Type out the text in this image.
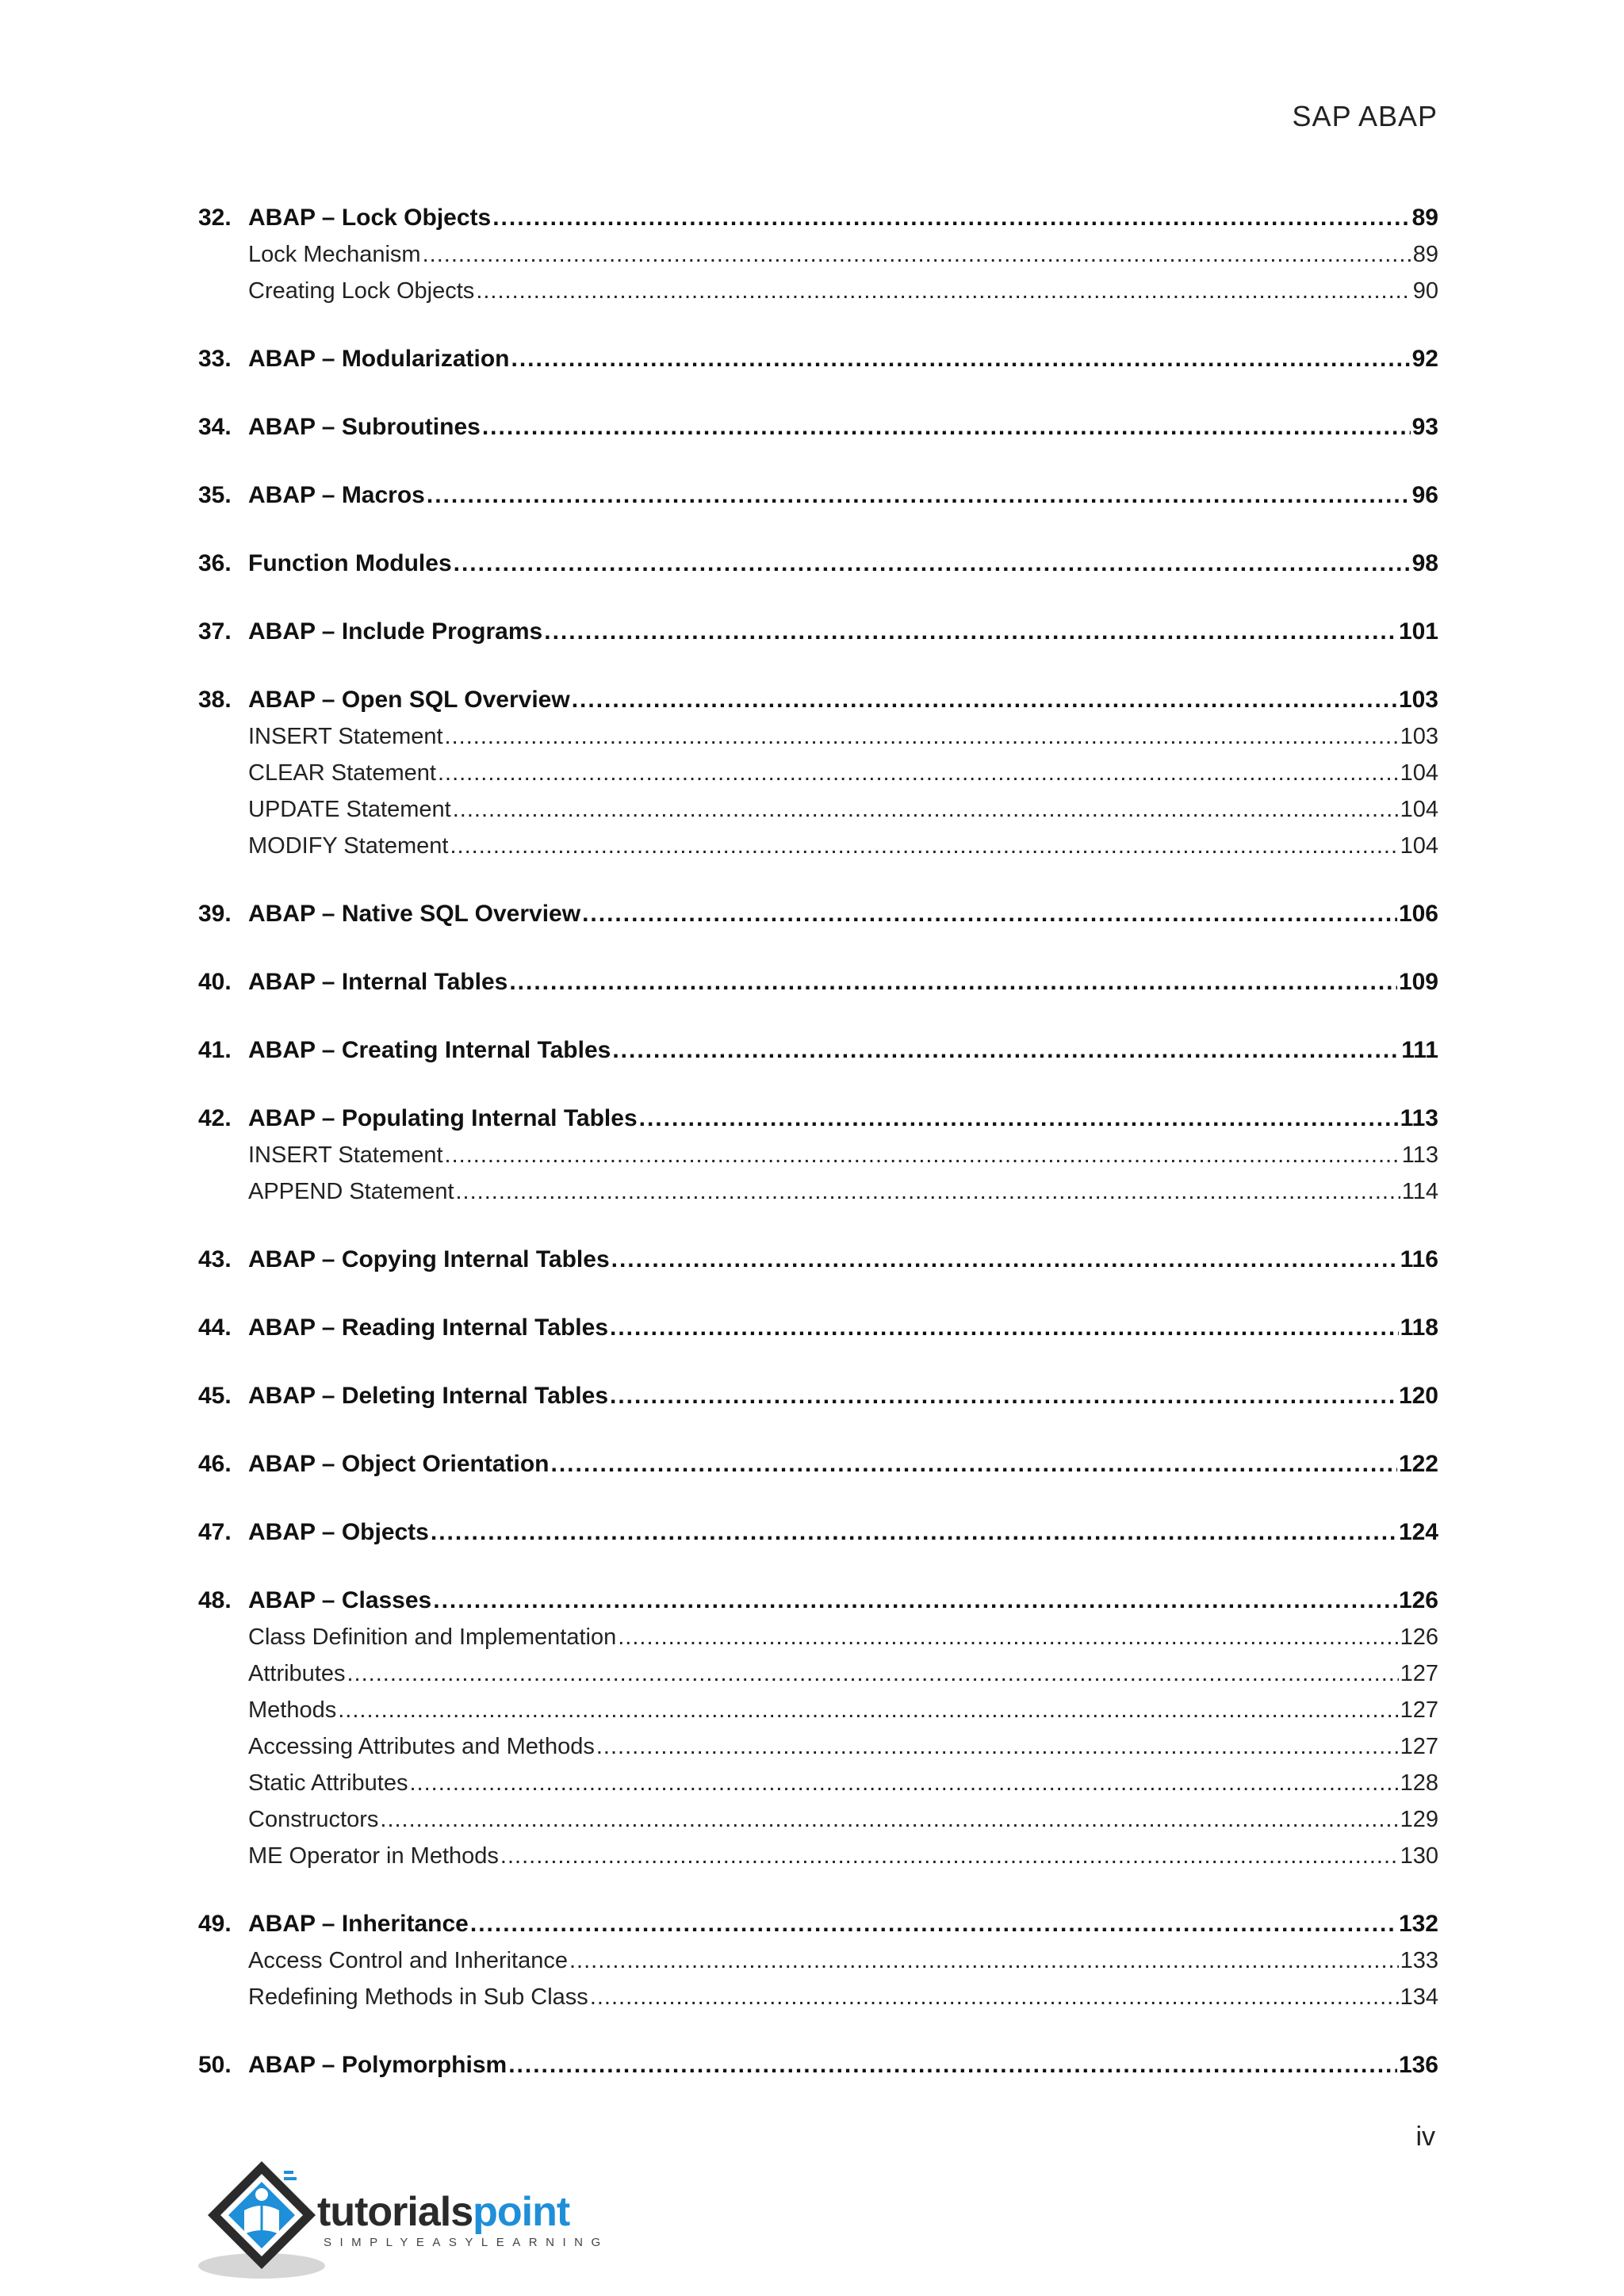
SAP ABAP
32. ABAP – Lock Objects .....	89
Lock Mechanism .....	89
Creating Lock Objects .....	90
33. ABAP – Modularization .....	92
34. ABAP – Subroutines .....	93
35. ABAP – Macros .....	96
36. Function Modules .....	98
37. ABAP – Include Programs .....	101
38. ABAP – Open SQL Overview .....	103
INSERT Statement .....	103
CLEAR Statement .....	104
UPDATE Statement .....	104
MODIFY Statement .....	104
39. ABAP – Native SQL Overview .....	106
40. ABAP – Internal Tables .....	109
41. ABAP – Creating Internal Tables .....	111
42. ABAP – Populating Internal Tables .....	113
INSERT Statement .....	113
APPEND Statement .....	114
43. ABAP – Copying Internal Tables .....	116
44. ABAP – Reading Internal Tables .....	118
45. ABAP – Deleting Internal Tables .....	120
46. ABAP – Object Orientation .....	122
47. ABAP – Objects .....	124
48. ABAP – Classes .....	126
Class Definition and Implementation .....	126
Attributes .....	127
Methods .....	127
Accessing Attributes and Methods .....	127
Static Attributes .....	128
Constructors .....	129
ME Operator in Methods .....	130
49. ABAP – Inheritance .....	132
Access Control and Inheritance .....	133
Redefining Methods in Sub Class .....	134
50. ABAP – Polymorphism .....	136
iv
tutorialspoint
SIMPLYEASYLEARNING
